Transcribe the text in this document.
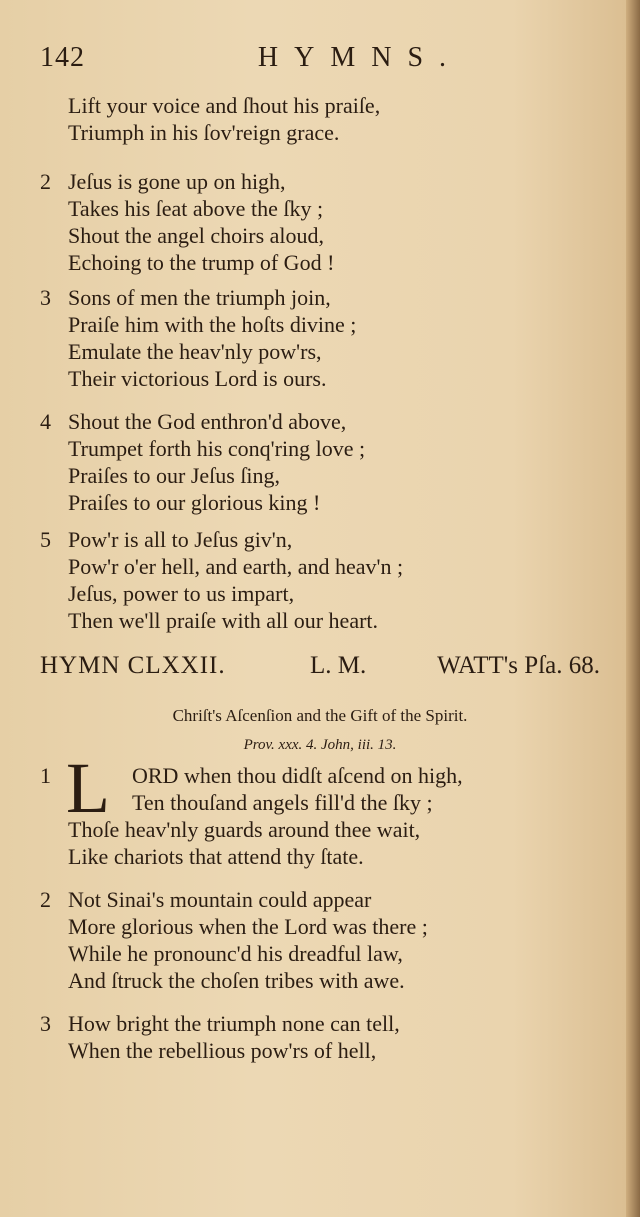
142	HYMNS.
Lift your voice and ſhout his praiſe,
Triumph in his ſov'reign grace.
2 Jeſus is gone up on high,
Takes his ſeat above the ſky ;
Shout the angel choirs aloud,
Echoing to the trump of God !
3 Sons of men the triumph join,
Praiſe him with the hoſts divine ;
Emulate the heav'nly pow'rs,
Their victorious Lord is ours.
4 Shout the God enthron'd above,
Trumpet forth his conq'ring love ;
Praiſes to our Jeſus ſing,
Praiſes to our glorious king !
5 Pow'r is all to Jeſus giv'n,
Pow'r o'er hell, and earth, and heav'n ;
Jeſus, power to us impart,
Then we'll praiſe with all our heart.
HYMN CLXXII.	L. M.	WATT's Pſa. 68.
Chriſt's Aſcenſion and the Gift of the Spirit.
Prov. xxx. 4. John, iii. 13.
L
1	ORD when thou didſt aſcend on high,
Ten thouſand angels fill'd the ſky ;
Thoſe heav'nly guards around thee wait,
Like chariots that attend thy ſtate.
2 Not Sinai's mountain could appear
More glorious when the Lord was there ;
While he pronounc'd his dreadful law,
And ſtruck the choſen tribes with awe.
3 How bright the triumph none can tell,
When the rebellious pow'rs of hell,
